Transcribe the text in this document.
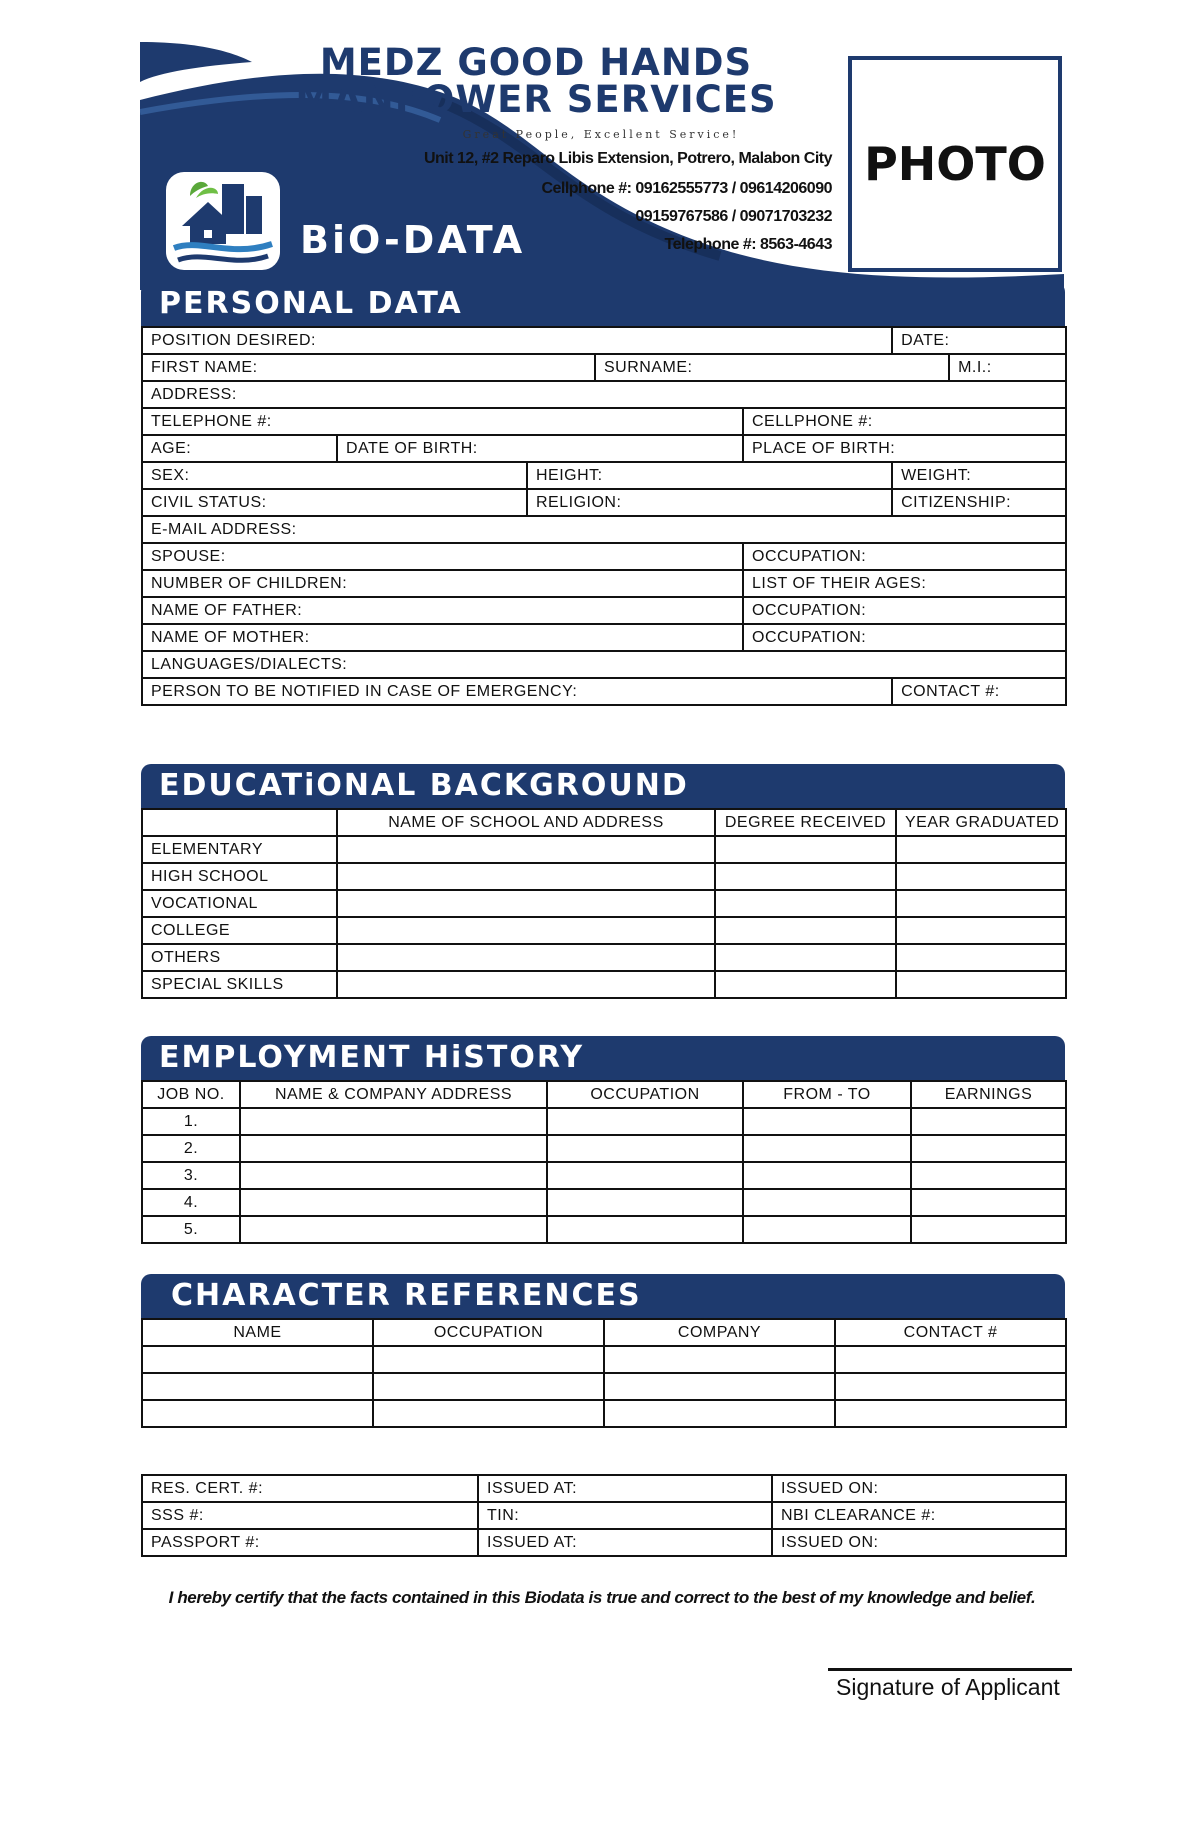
MEDZ GOOD HANDS
MANPOWER SERVICES
Great People, Excellent Service!
Unit 12, #2 Reparo Libis Extension, Potrero, Malabon City
Cellphone #: 09162555773 / 09614206090
09159767586 / 09071703232
Telephone #: 8563-4643
BiO-DATA
PHOTO
PERSONAL DATA
POSITION DESIRED:					DATE:	
FIRST NAME:			SURNAME:			M.I.:
ADDRESS:						
TELEPHONE #:				CELLPHONE #:		
AGE:	DATE OF BIRTH:			PLACE OF BIRTH:		
SEX:		HEIGHT:			WEIGHT:	
CIVIL STATUS:		RELIGION:			CITIZENSHIP:	
E-MAIL ADDRESS:						
SPOUSE:				OCCUPATION:		
NUMBER OF CHILDREN:				LIST OF THEIR AGES:		
NAME OF FATHER:				OCCUPATION:		
NAME OF MOTHER:				OCCUPATION:		
LANGUAGES/DIALECTS:						
PERSON TO BE NOTIFIED IN CASE OF EMERGENCY:					CONTACT #:	
EDUCATiONAL BACKGROUND
	NAME OF SCHOOL AND ADDRESS	DEGREE RECEIVED	YEAR GRADUATED
ELEMENTARY			
HIGH SCHOOL			
VOCATIONAL			
COLLEGE			
OTHERS			
SPECIAL SKILLS			
EMPLOYMENT HiSTORY
JOB NO.	NAME & COMPANY ADDRESS	OCCUPATION	FROM - TO	EARNINGS
1.				
2.				
3.				
4.				
5.				
CHARACTER REFERENCES
NAME	OCCUPATION	COMPANY	CONTACT #

RES. CERT. #:	ISSUED AT:	ISSUED ON:
SSS #:	TIN:	NBI CLEARANCE #:
PASSPORT #:	ISSUED AT:	ISSUED ON:
I hereby certify that the facts contained in this Biodata is true and correct to the best of my knowledge and belief.
Signature of Applicant
